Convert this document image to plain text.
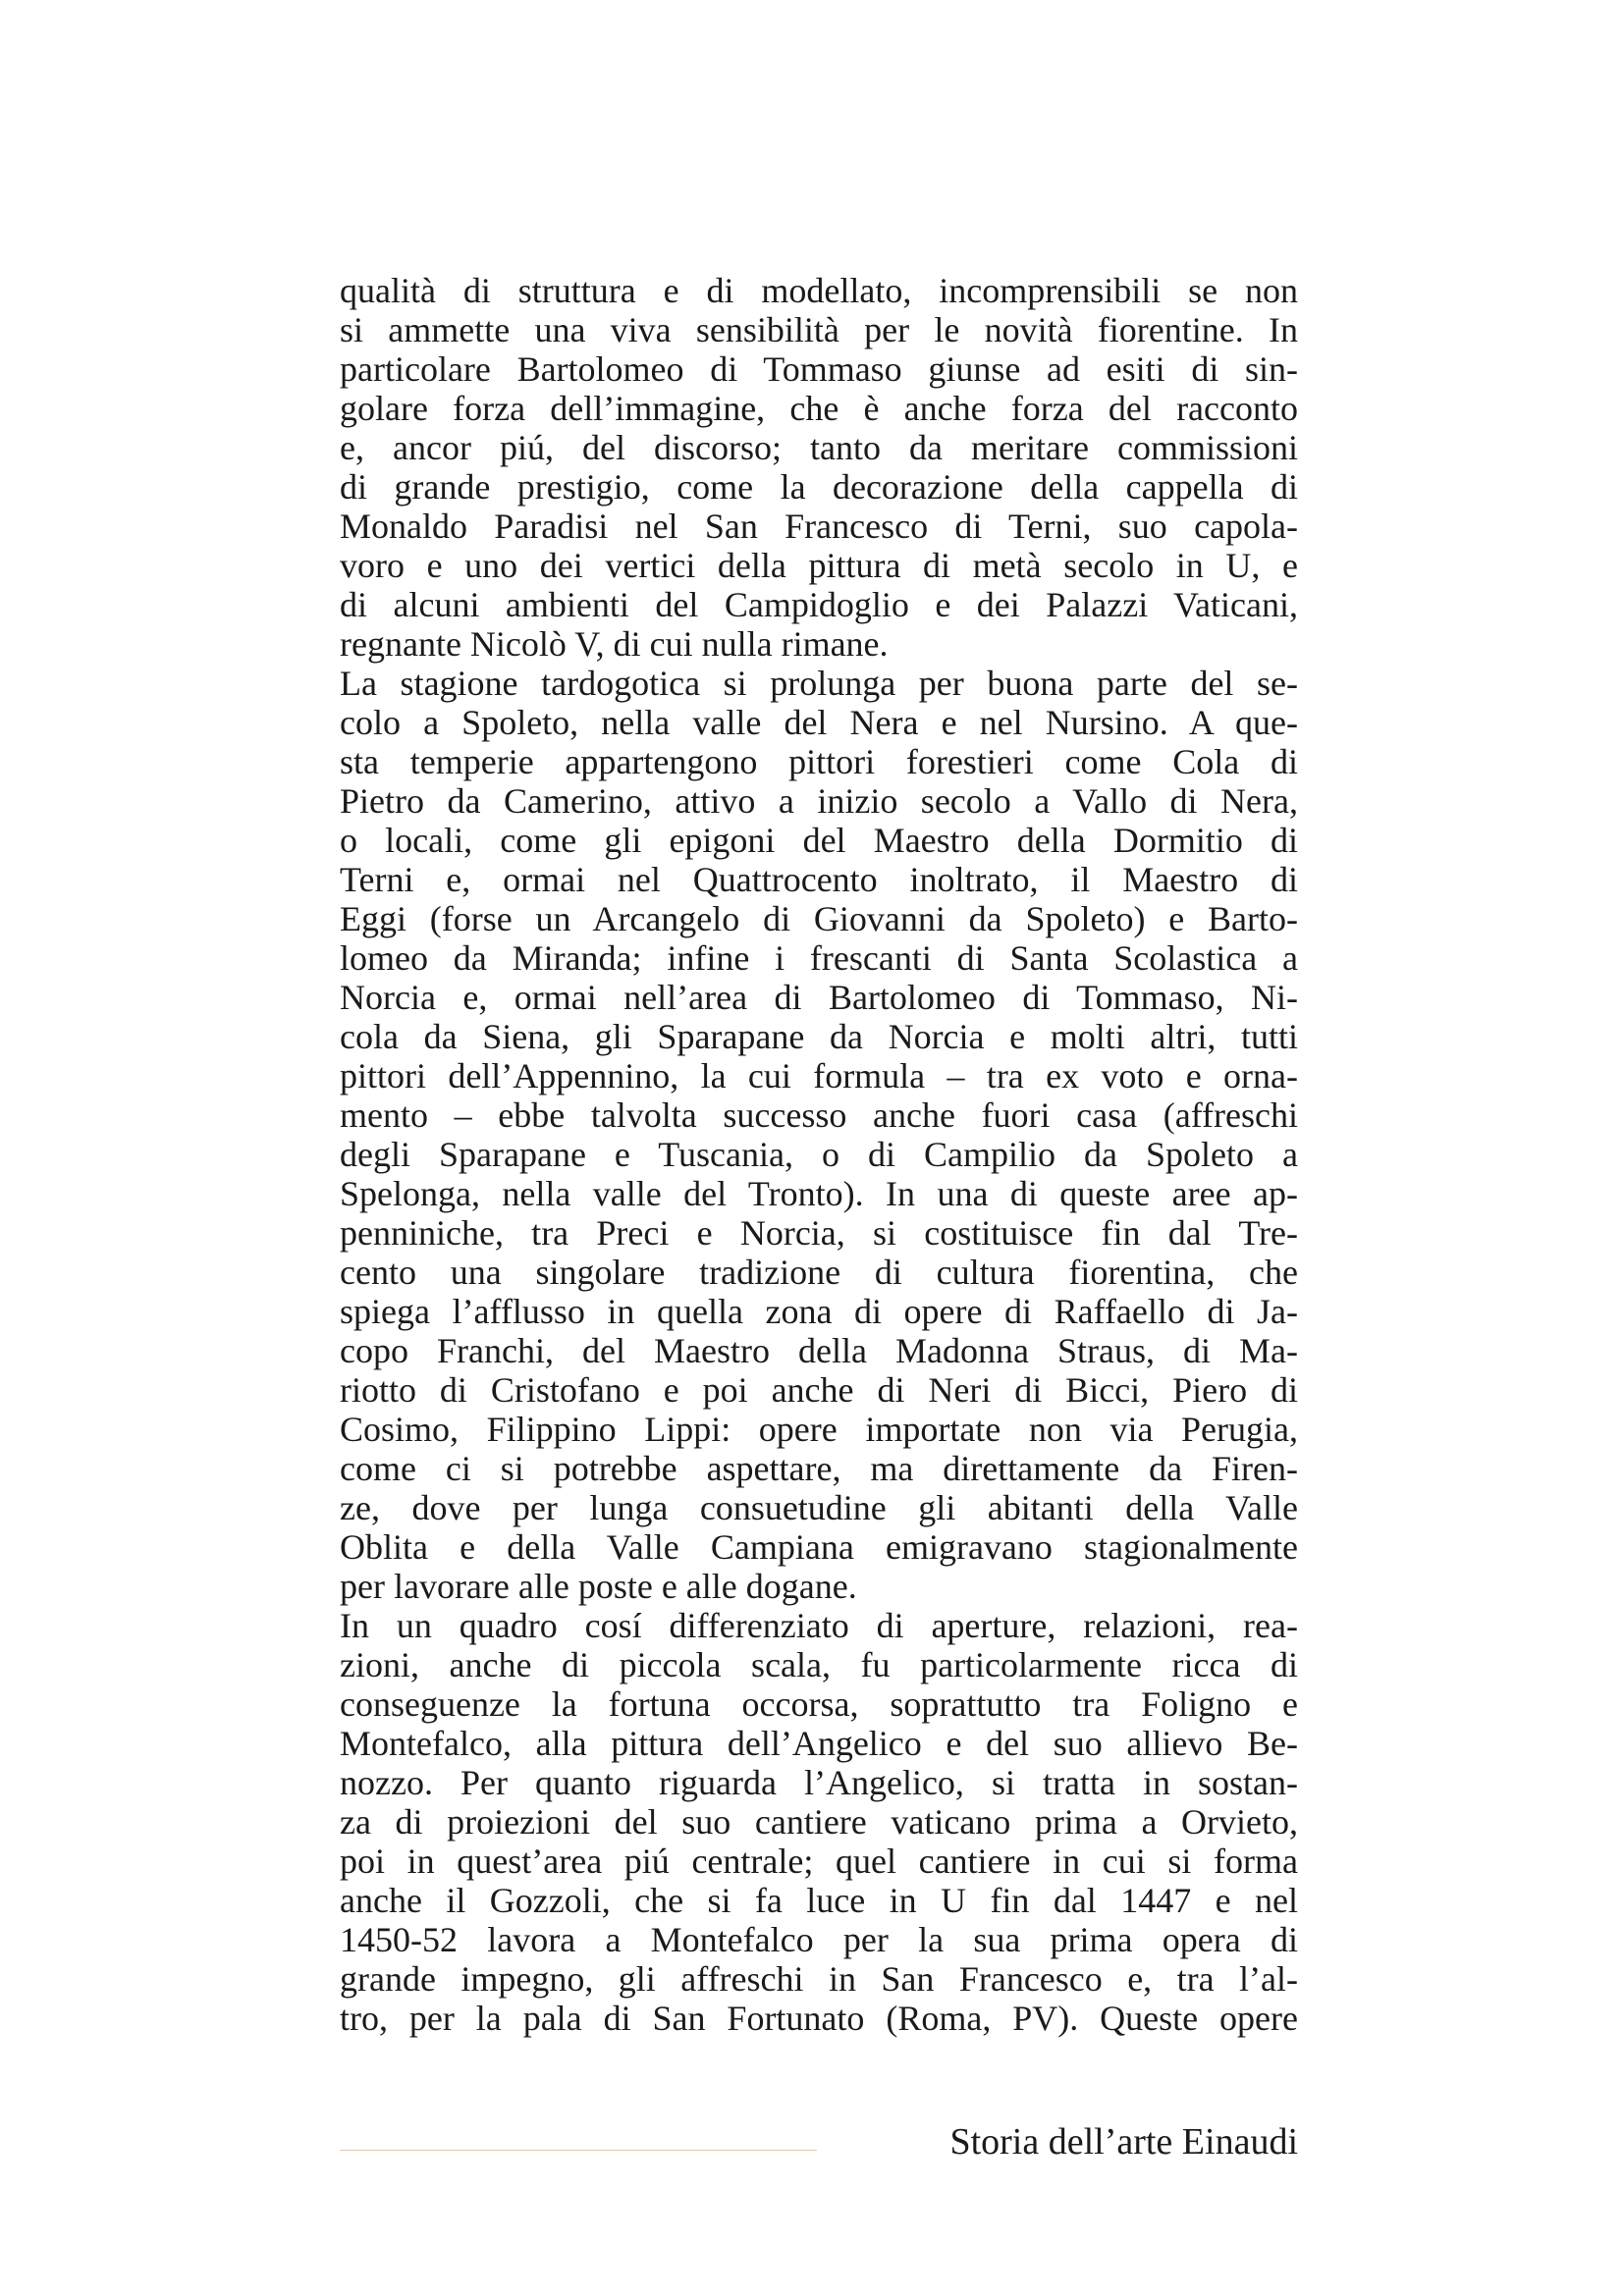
qualità di struttura e di modellato, incomprensibili se non
si ammette una viva sensibilità per le novità fiorentine. In
particolare Bartolomeo di Tommaso giunse ad esiti di sin-
golare forza dell’immagine, che è anche forza del racconto
e, ancor piú, del discorso; tanto da meritare commissioni
di grande prestigio, come la decorazione della cappella di
Monaldo Paradisi nel San Francesco di Terni, suo capola-
voro e uno dei vertici della pittura di metà secolo in U, e
di alcuni ambienti del Campidoglio e dei Palazzi Vaticani,
regnante Nicolò V, di cui nulla rimane.
La stagione tardogotica si prolunga per buona parte del se-
colo a Spoleto, nella valle del Nera e nel Nursino. A que-
sta temperie appartengono pittori forestieri come Cola di
Pietro da Camerino, attivo a inizio secolo a Vallo di Nera,
o locali, come gli epigoni del Maestro della Dormitio di
Terni e, ormai nel Quattrocento inoltrato, il Maestro di
Eggi (forse un Arcangelo di Giovanni da Spoleto) e Barto-
lomeo da Miranda; infine i frescanti di Santa Scolastica a
Norcia e, ormai nell’area di Bartolomeo di Tommaso, Ni-
cola da Siena, gli Sparapane da Norcia e molti altri, tutti
pittori dell’Appennino, la cui formula – tra ex voto e orna-
mento – ebbe talvolta successo anche fuori casa (affreschi
degli Sparapane e Tuscania, o di Campilio da Spoleto a
Spelonga, nella valle del Tronto). In una di queste aree ap-
penniniche, tra Preci e Norcia, si costituisce fin dal Tre-
cento una singolare tradizione di cultura fiorentina, che
spiega l’afflusso in quella zona di opere di Raffaello di Ja-
copo Franchi, del Maestro della Madonna Straus, di Ma-
riotto di Cristofano e poi anche di Neri di Bicci, Piero di
Cosimo, Filippino Lippi: opere importate non via Perugia,
come ci si potrebbe aspettare, ma direttamente da Firen-
ze, dove per lunga consuetudine gli abitanti della Valle
Oblita e della Valle Campiana emigravano stagionalmente
per lavorare alle poste e alle dogane.
In un quadro cosí differenziato di aperture, relazioni, rea-
zioni, anche di piccola scala, fu particolarmente ricca di
conseguenze la fortuna occorsa, soprattutto tra Foligno e
Montefalco, alla pittura dell’Angelico e del suo allievo Be-
nozzo. Per quanto riguarda l’Angelico, si tratta in sostan-
za di proiezioni del suo cantiere vaticano prima a Orvieto,
poi in quest’area piú centrale; quel cantiere in cui si forma
anche il Gozzoli, che si fa luce in U fin dal 1447 e nel
1450-52 lavora a Montefalco per la sua prima opera di
grande impegno, gli affreschi in San Francesco e, tra l’al-
tro, per la pala di San Fortunato (Roma, PV). Queste opere
Storia dell’arte Einaudi
